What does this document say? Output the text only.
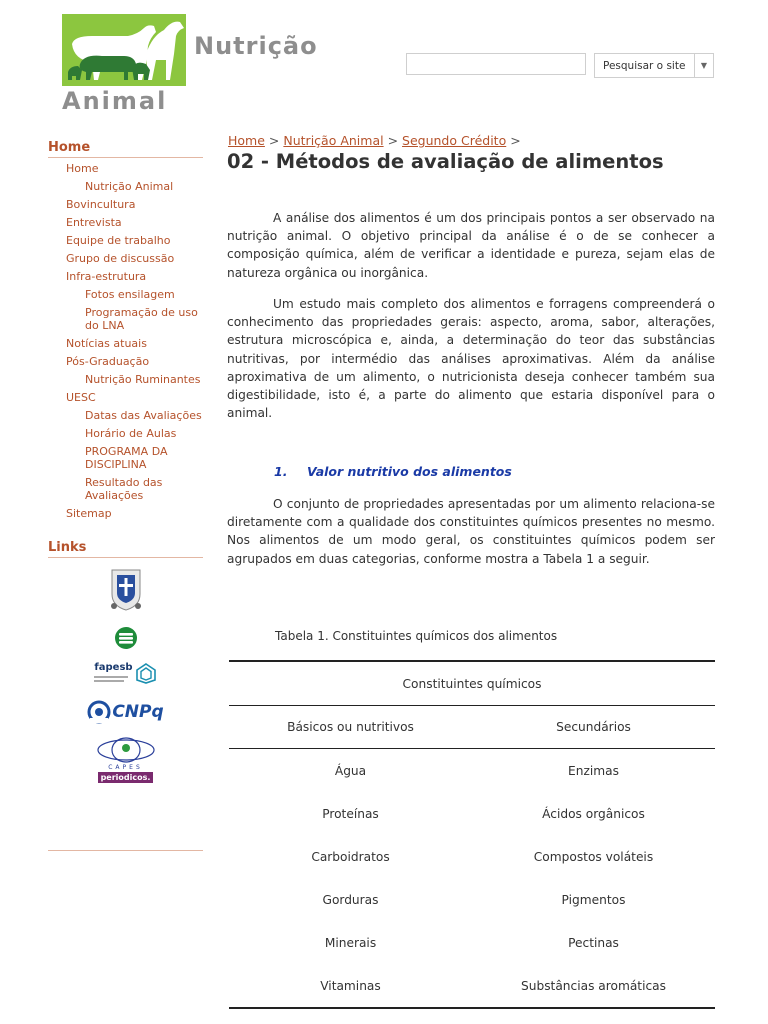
Nutrição
Animal
Pesquisar o site	▼
Home
Home
Nutrição Animal
Bovincultura
Entrevista
Equipe de trabalho
Grupo de discussão
Infra-estrutura
Fotos ensilagem
Programação de uso do LNA
Notícias atuais
Pós-Graduação
Nutrição Ruminantes
UESC
Datas das Avaliações
Horário de Aulas
PROGRAMA DA DISCIPLINA
Resultado das Avaliações
Sitemap
Links
fapesb
CNPq
CAPES
periodicos.
Home > Nutrição Animal > Segundo Crédito >
02 - Métodos de avaliação de alimentos

A análise dos alimentos é um dos principais pontos a ser observado na nutrição animal. O objetivo principal da análise é o de se conhecer a composição química, além de verificar a identidade e pureza, sejam elas de natureza orgânica ou inorgânica.

Um estudo mais completo dos alimentos e forragens compreenderá o conhecimento das propriedades gerais: aspecto, aroma, sabor, alterações, estrutura microscópica e, ainda, a determinação do teor das substâncias nutritivas, por intermédio das análises aproximativas. Além da análise aproximativa de um alimento, o nutricionista deseja conhecer também sua digestibilidade, isto é, a parte do alimento que estaria disponível para o animal.

1. Valor nutritivo dos alimentos

O conjunto de propriedades apresentadas por um alimento relaciona-se diretamente com a qualidade dos constituintes químicos presentes no mesmo. Nos alimentos de um modo geral, os constituintes químicos podem ser agrupados em duas categorias, conforme mostra a Tabela 1 a seguir.

Tabela 1. Constituintes químicos dos alimentos
Constituintes químicos	
Básicos ou nutritivos	Secundários
Água	Enzimas
Proteínas	Ácidos orgânicos
Carboidratos	Compostos voláteis
Gorduras	Pigmentos
Minerais	Pectinas
Vitaminas	Substâncias aromáticas
